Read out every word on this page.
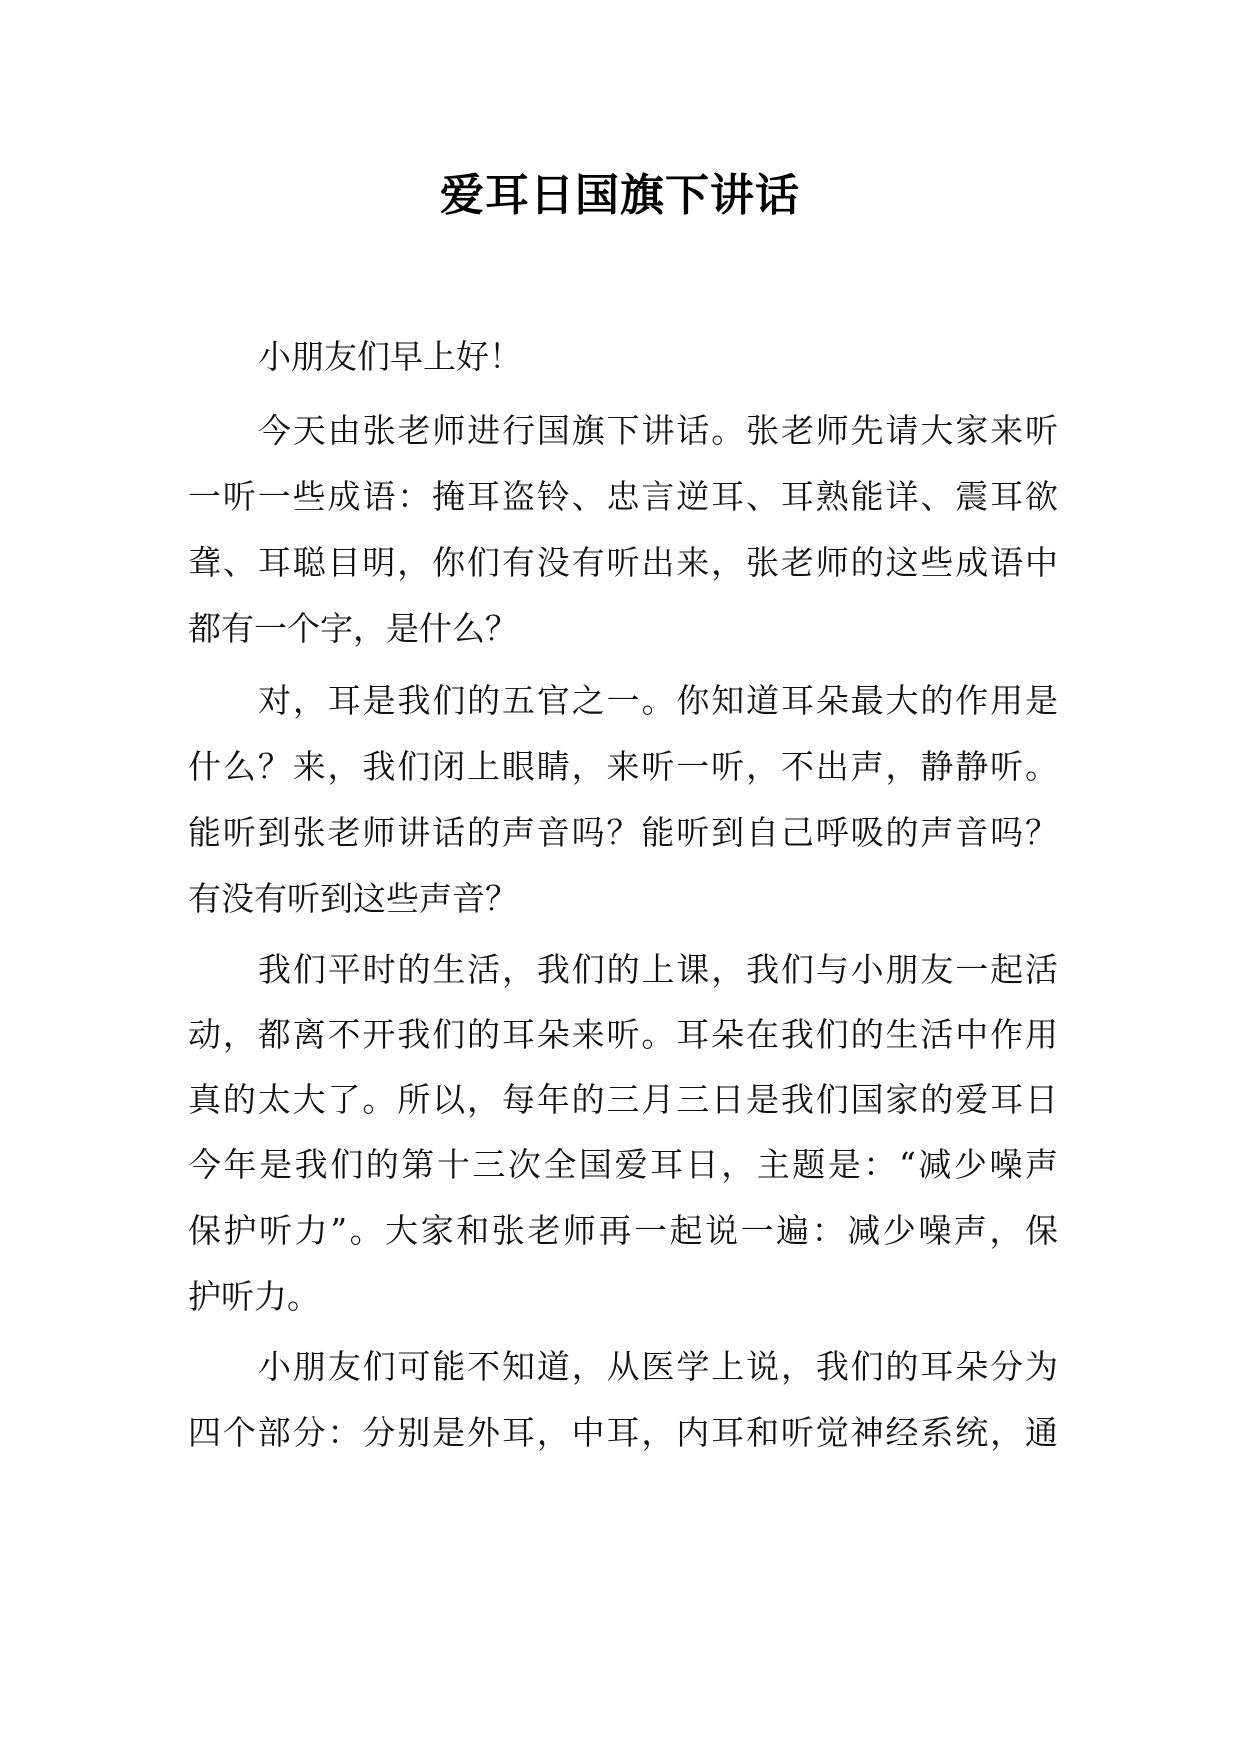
爱耳日国旗下讲话
小朋友们早上好！
今天由张老师进行国旗下讲话。张老师先请大家来听
一听一些成语：掩耳盗铃、忠言逆耳、耳熟能详、震耳欲
聋、耳聪目明，你们有没有听出来，张老师的这些成语中
都有一个字，是什么？
对，耳是我们的五官之一。你知道耳朵最大的作用是
什么？来，我们闭上眼睛，来听一听，不出声，静静听。
能听到张老师讲话的声音吗？能听到自己呼吸的声音吗？
有没有听到这些声音？
我们平时的生活，我们的上课，我们与小朋友一起活
动，都离不开我们的耳朵来听。耳朵在我们的生活中作用
真的太大了。所以，每年的三月三日是我们国家的爱耳日
今年是我们的第十三次全国爱耳日，主题是：“减少噪声
保护听力”。大家和张老师再一起说一遍：减少噪声，保
护听力。
小朋友们可能不知道，从医学上说，我们的耳朵分为
四个部分：分别是外耳，中耳，内耳和听觉神经系统，通
